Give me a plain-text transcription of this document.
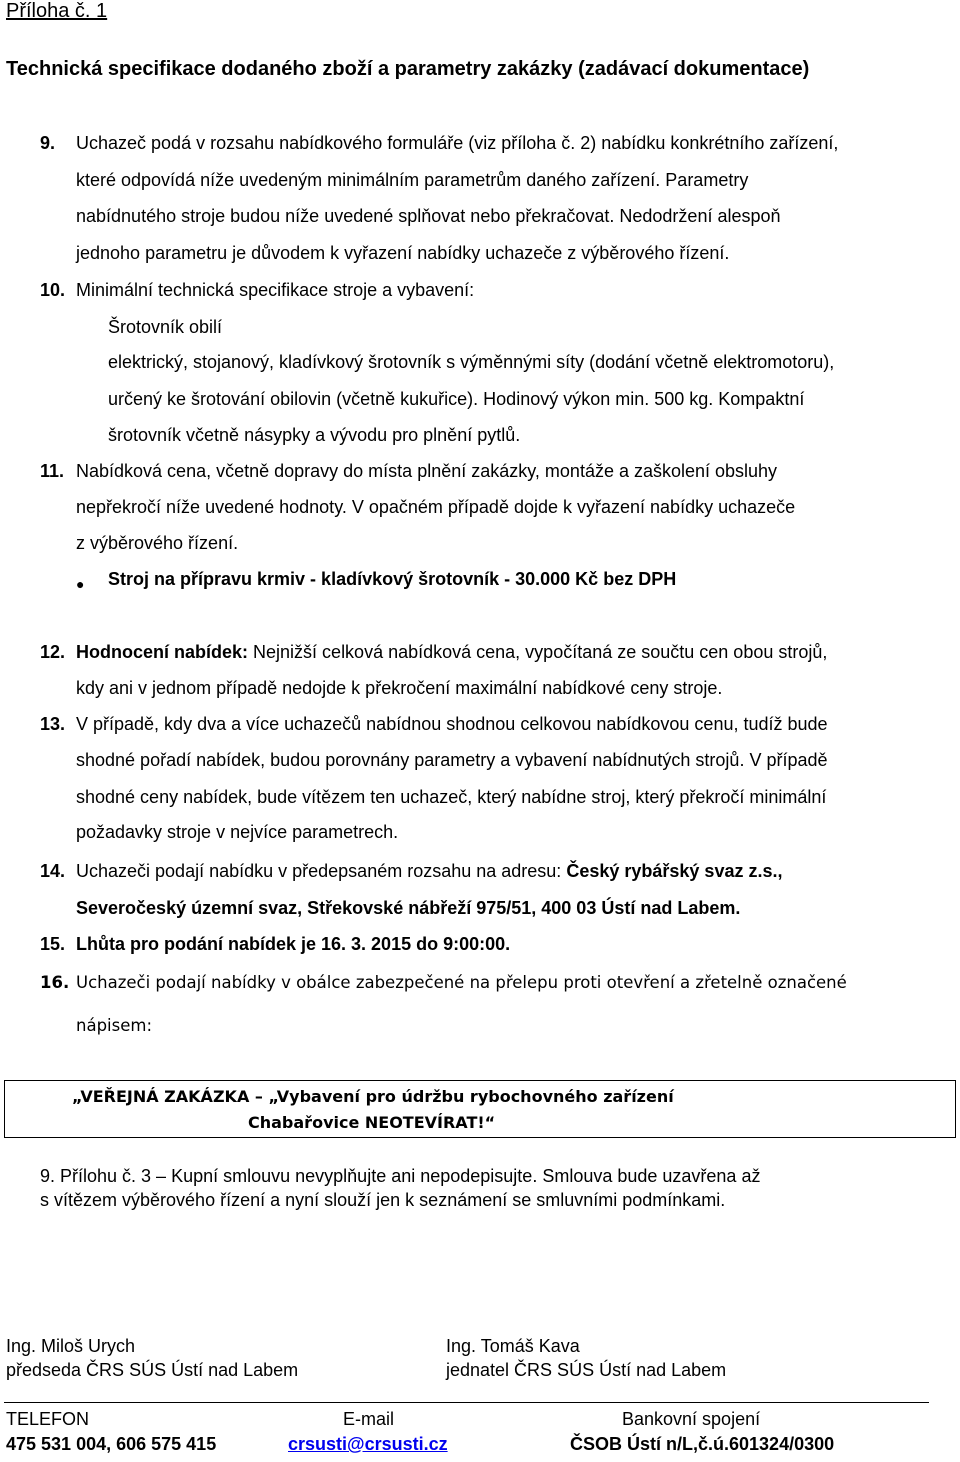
Příloha č. 1
Technická specifikace dodaného zboží a parametry zakázky (zadávací dokumentace)
9. Uchazeč podá v rozsahu nabídkového formuláře (viz příloha č. 2) nabídku konkrétního zařízení,
které odpovídá níže uvedeným minimálním parametrům daného zařízení. Parametry
nabídnutého stroje budou níže uvedené splňovat nebo překračovat. Nedodržení alespoň
jednoho parametru je důvodem k vyřazení nabídky uchazeče z výběrového řízení.
10. Minimální technická specifikace stroje a vybavení:
Šrotovník obilí
elektrický, stojanový, kladívkový šrotovník s výměnnými síty (dodání včetně elektromotoru),
určený ke šrotování obilovin (včetně kukuřice). Hodinový výkon min. 500 kg. Kompaktní
šrotovník včetně násypky a vývodu pro plnění pytlů.
11. Nabídková cena, včetně dopravy do místa plnění zakázky, montáže a zaškolení obsluhy
nepřekročí níže uvedené hodnoty. V opačném případě dojde k vyřazení nabídky uchazeče
z výběrového řízení.
● Stroj na přípravu krmiv - kladívkový šrotovník - 30.000 Kč bez DPH
12. Hodnocení nabídek: Nejnižší celková nabídková cena, vypočítaná ze součtu cen obou strojů,
kdy ani v jednom případě nedojde k překročení maximální nabídkové ceny stroje.
13. V případě, kdy dva a více uchazečů nabídnou shodnou celkovou nabídkovou cenu, tudíž bude
shodné pořadí nabídek, budou porovnány parametry a vybavení nabídnutých strojů. V případě
shodné ceny nabídek, bude vítězem ten uchazeč, který nabídne stroj, který překročí minimální
požadavky stroje v nejvíce parametrech.
14. Uchazeči podají nabídku v předepsaném rozsahu na adresu: Český rybářský svaz z.s.,
Severočeský územní svaz, Střekovské nábřeží 975/51, 400 03 Ústí nad Labem.
15. Lhůta pro podání nabídek je 16. 3. 2015 do 9:00:00.
16. Uchazeči podají nabídky v obálce zabezpečené na přelepu proti otevření a zřetelně označené
nápisem:
„VEŘEJNÁ ZAKÁZKA – „Vybavení pro údržbu rybochovného zařízení
Chabařovice NEOTEVÍRAT!“
9. Přílohu č. 3 – Kupní smlouvu nevyplňujte ani nepodepisujte. Smlouva bude uzavřena až
s vítězem výběrového řízení a nyní slouží jen k seznámení se smluvními podmínkami.
Ing. Miloš Urych
předseda ČRS SÚS Ústí nad Labem
Ing. Tomáš Kava
jednatel ČRS SÚS Ústí nad Labem
TELEFON
475 531 004, 606 575 415
E-mail
crsusti@crsusti.cz
Bankovní spojení
ČSOB Ústí n/L,č.ú.601324/0300
